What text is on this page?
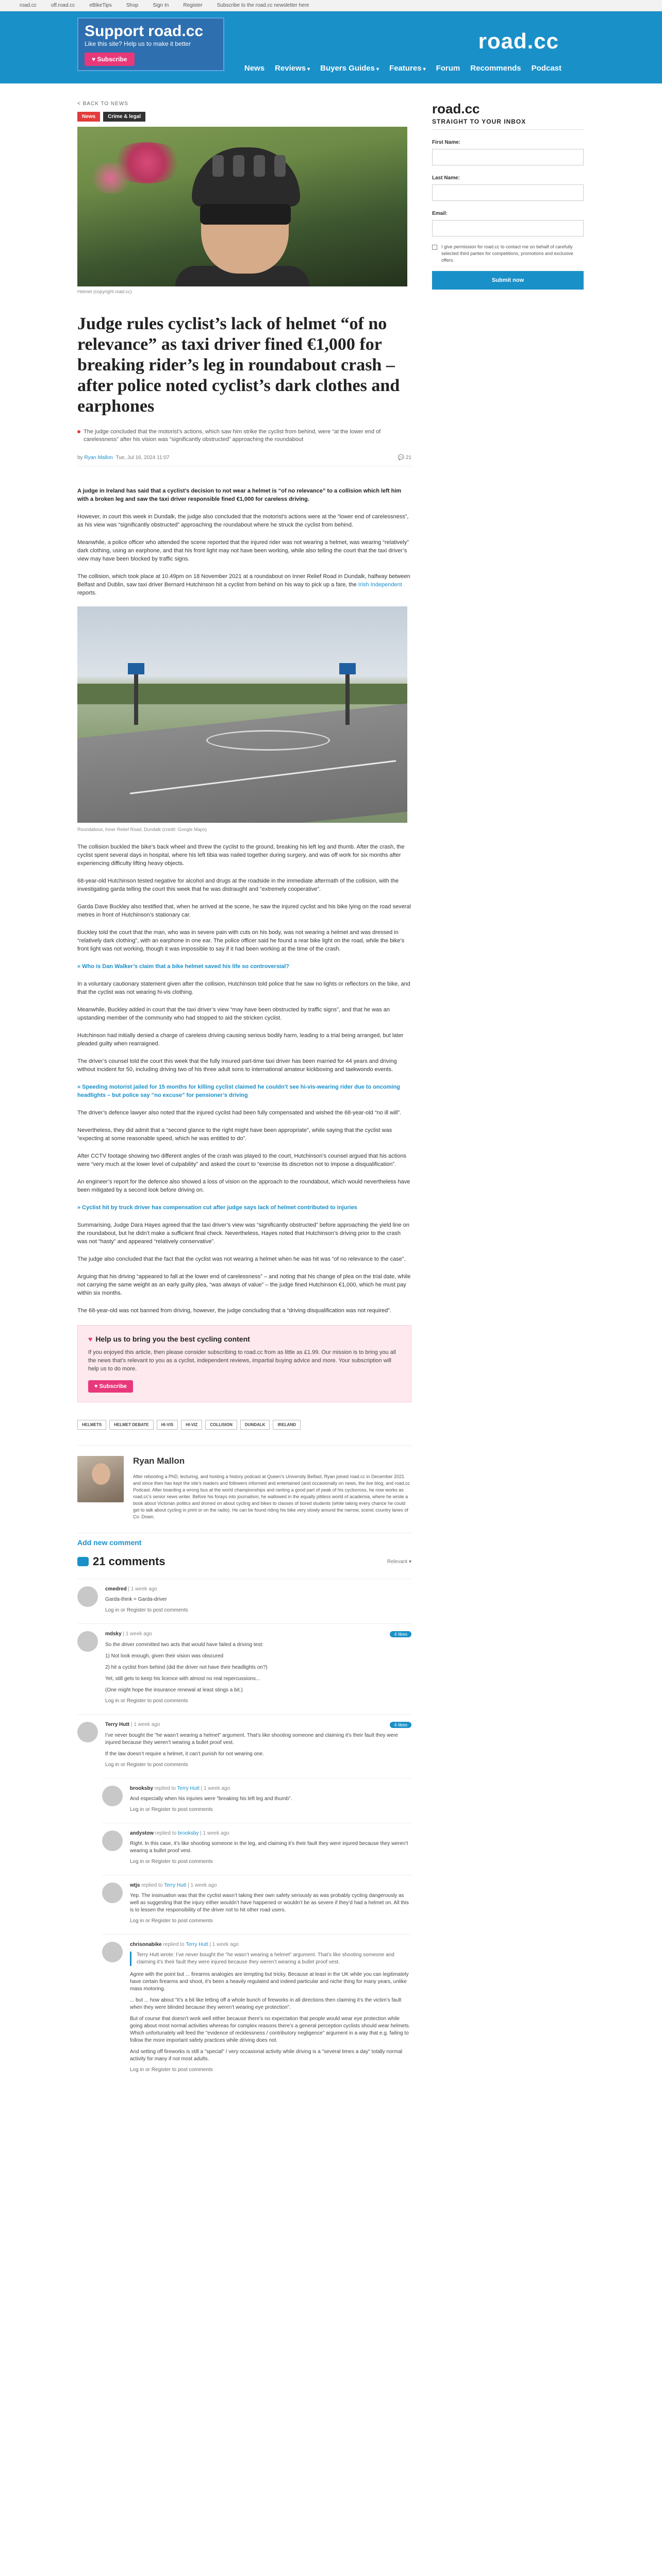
road.cc	off.road.cc	eBikeTips	Shop	Sign In	Register	Subscribe to the road.cc newsletter here
Support road.cc
Like this site? Help us to make it better
♥ Subscribe
road.cc
News Reviews ▾ Buyers Guides ▾ Features ▾ Forum Recommends Podcast
< BACK TO NEWS
News	Crime & legal
Helmet (copyright road.cc)
Judge rules cyclist’s lack of helmet “of no relevance” as taxi driver fined €1,000 for breaking rider’s leg in roundabout crash – after police noted cyclist’s dark clothes and earphones
The judge concluded that the motorist’s actions, which saw him strike the cyclist from behind, were “at the lower end of carelessness” after his vision was “significantly obstructed” approaching the roundabout
by Ryan Mallon Tue, Jul 16, 2024 11:07	💬 21

A judge in Ireland has said that a cyclist’s decision to not wear a helmet is “of no relevance” to a collision which left him with a broken leg and saw the taxi driver responsible fined €1,000 for careless driving.

However, in court this week in Dundalk, the judge also concluded that the motorist’s actions were at the “lower end of carelessness”, as his view was “significantly obstructed” approaching the roundabout where he struck the cyclist from behind.

Meanwhile, a police officer who attended the scene reported that the injured rider was not wearing a helmet, was wearing “relatively” dark clothing, using an earphone, and that his front light may not have been working, while also telling the court that the taxi driver’s view may have been blocked by traffic signs.

The collision, which took place at 10.49pm on 18 November 2021 at a roundabout on Inner Relief Road in Dundalk, halfway between Belfast and Dublin, saw taxi driver Bernard Hutchinson hit a cyclist from behind on his way to pick up a fare, the Irish Independent reports.

Roundabout, Inner Relief Road, Dundalk (credit: Google Maps)

The collision buckled the bike’s back wheel and threw the cyclist to the ground, breaking his left leg and thumb. After the crash, the cyclist spent several days in hospital, where his left tibia was nailed together during surgery, and was off work for six months after experiencing difficulty lifting heavy objects.

68-year-old Hutchinson tested negative for alcohol and drugs at the roadside in the immediate aftermath of the collision, with the investigating garda telling the court this week that he was distraught and “extremely cooperative”.

Garda Dave Buckley also testified that, when he arrived at the scene, he saw the injured cyclist and his bike lying on the road several metres in front of Hutchinson’s stationary car.

Buckley told the court that the man, who was in severe pain with cuts on his body, was not wearing a helmet and was dressed in “relatively dark clothing”, with an earphone in one ear. The police officer said he found a rear bike light on the road, while the bike’s front light was not working, though it was impossible to say if it had been working at the time of the crash.

» Who is Dan Walker’s claim that a bike helmet saved his life so controversial?

In a voluntary cautionary statement given after the collision, Hutchinson told police that he saw no lights or reflectors on the bike, and that the cyclist was not wearing hi-vis clothing.

Meanwhile, Buckley added in court that the taxi driver’s view “may have been obstructed by traffic signs”, and that he was an upstanding member of the community who had stopped to aid the stricken cyclist.

Hutchinson had initially denied a charge of careless driving causing serious bodily harm, leading to a trial being arranged, but later pleaded guilty when rearraigned.

The driver’s counsel told the court this week that the fully insured part-time taxi driver has been married for 44 years and driving without incident for 50, including driving two of his three adult sons to international amateur kickboxing and taekwondo events.

» Speeding motorist jailed for 15 months for killing cyclist claimed he couldn’t see hi-vis-wearing rider due to oncoming headlights – but police say “no excuse” for pensioner’s driving

The driver’s defence lawyer also noted that the injured cyclist had been fully compensated and wished the 68-year-old “no ill will”.

Nevertheless, they did admit that a “second glance to the right might have been appropriate”, while saying that the cyclist was “expecting at some reasonable speed, which he was entitled to do”.

After CCTV footage showing two different angles of the crash was played to the court, Hutchinson’s counsel argued that his actions were “very much at the lower level of culpability” and asked the court to “exercise its discretion not to impose a disqualification”.

An engineer’s report for the defence also showed a loss of vision on the approach to the roundabout, which would nevertheless have been mitigated by a second look before driving on.

» Cyclist hit by truck driver has compensation cut after judge says lack of helmet contributed to injuries

Summarising, Judge Dara Hayes agreed that the taxi driver’s view was “significantly obstructed” before approaching the yield line on the roundabout, but he didn’t make a sufficient final check. Nevertheless, Hayes noted that Hutchinson’s driving prior to the crash was not “hasty” and appeared “relatively conservative”.

The judge also concluded that the fact that the cyclist was not wearing a helmet when he was hit was “of no relevance to the case”.

Arguing that his driving “appeared to fall at the lower end of carelessness” – and noting that his change of plea on the trial date, while not carrying the same weight as an early guilty plea, “was always of value” – the judge fined Hutchinson €1,000, which he must pay within six months.

The 68-year-old was not banned from driving, however, the judge concluding that a “driving disqualification was not required”.

♥ Help us to bring you the best cycling content

If you enjoyed this article, then please consider subscribing to road.cc from as little as £1.99. Our mission is to bring you all the news that’s relevant to you as a cyclist, independent reviews, impartial buying advice and more. Your subscription will help us to do more.

♥ Subscribe
HELMETS	HELMET DEBATE	HI-VIS	HI-VIZ	COLLISION	DUNDALK	IRELAND
Ryan Mallon
After rebooting a PhD, lecturing, and hosting a history podcast at Queen’s University Belfast, Ryan joined road.cc in December 2021 and since then has kept the site’s readers and followers informed and entertained (and occasionally on news, the live blog, and road.cc Podcast. After boarding a wrong bus at the world championships and ranting a good part of peak of his cyclocross, he now works as road.cc’s senior news writer. Before his forays into journalism, he wallowed in the equally pitiless world of academia, where he wrote a book about Victorian politics and droned on about cycling and bikes to classes of bored students (while taking every chance he could get to talk about cycling in print or on the radio). He can be found riding his bike very slowly around the narrow, scenic country lanes of Co. Down.
Add new comment
21 comments	Relevant ▾
cmedred | 1 week ago

Garda-think = Garda-driver

Log in or Register to post comments
mdsky | 1 week ago	4 likes

So the driver committed two acts that would have failed a driving test:

1) Not look enough, given their vision was obscured

2) hit a cyclist from behind (did the driver not have their headlights on?)

Yet, still gets to keep his licence with almost no real repercussions...

(One might hope the insurance renewal at least stings a bit.)

Log in or Register to post comments
Terry Hutt | 1 week ago	4 likes

I’ve never bought the "he wasn’t wearing a helmet" argument. That’s like shooting someone and claiming it’s their fault they were injured because they weren’t wearing a bullet proof vest.

If the law doesn’t require a helmet, it can’t punish for not wearing one.

Log in or Register to post comments
brooksby replied to Terry Hutt | 1 week ago

And especially when his injuries were "breaking his left leg and thumb".

Log in or Register to post comments
andystow replied to brooksby | 1 week ago

Right. In this case, it’s like shooting someone in the leg, and claiming it’s their fault they were injured because they weren’t wearing a bullet proof vest.

Log in or Register to post comments
wtjs replied to Terry Hutt | 1 week ago

Yep. The insinuation was that the cyclist wasn’t taking their own safety seriously as was probably cycling dangerously as well as suggesting that the injury either wouldn’t have happened or wouldn’t be as severe if they’d had a helmet on. All this is to lessen the responsibility of the driver not to hit other road users.

Log in or Register to post comments
chrisonabike replied to Terry Hutt | 1 week ago
Terry Hutt wrote: I’ve never bought the "he wasn’t wearing a helmet" argument. That’s like shooting someone and claiming it’s their fault they were injured because they weren’t wearing a bullet proof vest.

Agree with the point but ... firearms analogies are tempting but tricky. Because at least in the UK while you can legitimately have certain firearms and shoot, it’s been a heavily regulated and indeed particular and niche thing for many years, unlike mass motoring.

... but ... how about "it’s a bit like letting off a whole bunch of fireworks in all directions then claiming it’s the victim’s fault when they were blinded because they weren’t wearing eye protection".

But of course that doesn’t work well either because there’s no expectation that people would wear eye protection while going about most normal activities whereas for complex reasons there’s a general perception cyclists should wear helmets. Which unfortunately will feed the "evidence of recklessness / contributory negligence" argument in a way that e.g. failing to follow the more important safety practices while driving does not.

And setting off fireworks is still a "special" / very occasional activity while driving is a "several times a day" totally normal activity for many if not most adults.

Log in or Register to post comments
road.cc
STRAIGHT TO YOUR INBOX
First Name:
Last Name:
Email:
I give permission for road.cc to contact me on behalf of carefully selected third parties for competitions, promotions and exclusive offers.
Submit now
